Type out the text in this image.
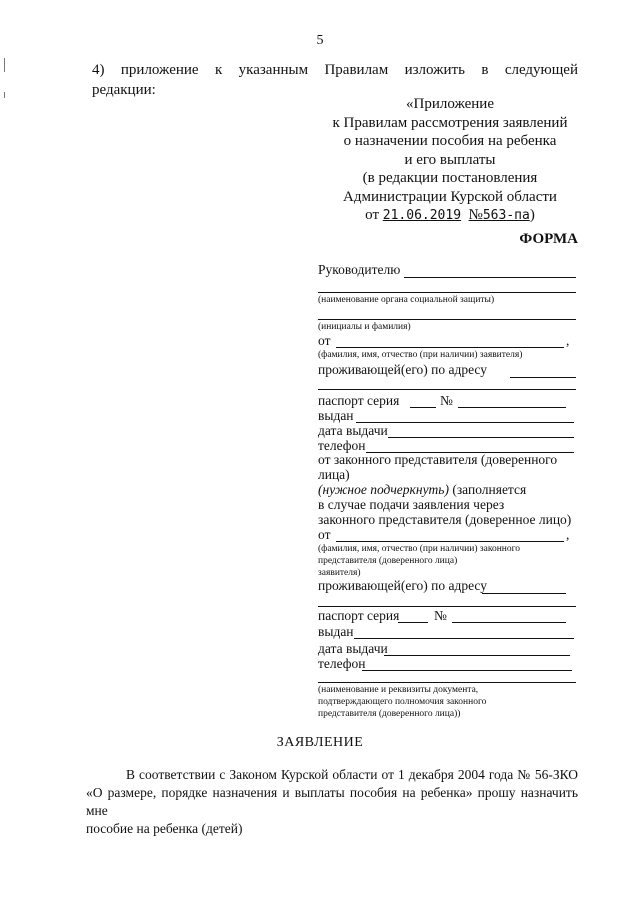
5
4) приложение к указанным Правилам изложить в следующей
редакции:
«Приложение
к Правилам рассмотрения заявлений
о назначении пособия на ребенка
и его выплаты
(в редакции постановления
Администрации Курской области
от 21.06.2019 №563-па)
ФОРМА
Руководителю
(наименование органа социальной защиты)
(инициалы и фамилия)
от	,
(фамилия, имя, отчество (при наличии) заявителя)
проживающей(его) по адресу
паспорт серия	№
выдан
дата выдачи
телефон
от законного представителя (доверенного
лица)
(нужное подчеркнуть) (заполняется
в случае подачи заявления через
законного представителя (доверенное лицо)
от	,
(фамилия, имя, отчество (при наличии) законного
представителя (доверенного лица)
заявителя)
проживающей(его) по адресу
паспорт серия	№
выдан
дата выдачи
телефон
(наименование и реквизиты документа,
подтверждающего полномочия законного
представителя (доверенного лица))
ЗАЯВЛЕНИЕ
В соответствии с Законом Курской области от 1 декабря 2004 года № 56-ЗКО
«О размере, порядке назначения и выплаты пособия на ребенка» прошу назначить мне
пособие на ребенка (детей)
